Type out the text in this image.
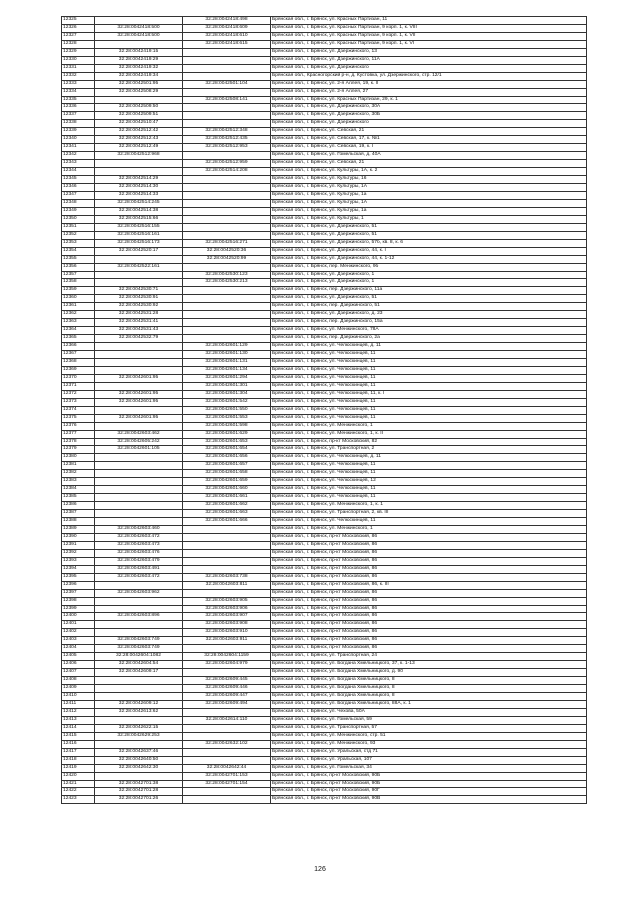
12325		32:28:0042418:498	Брянская обл., г. Брянск, ул. Красных Партизан, 11
12326	32:28:0042418:500	32:28:0042418:609	Брянская обл., г. Брянск, ул. Красных Партизан, 9 корп. 1, к. VIII
12327	32:28:0042418:500	32:28:0042418:610	Брянская обл., г. Брянск, ул. Красных Партизан, 9 корп. 1, к. VII
12328		32:28:0042418:615	Брянская обл., г. Брянск, ул. Красных Партизан, 9 корп. 1, к. VI
12329	32:28:0042419:15		Брянская обл., г. Брянск, ул. Дзержинского, 13
12330	32:28:0042419:29		Брянская обл., г. Брянск, ул. Дзержинского, 11А
12331	32:28:0042419:32		Брянская обл., г. Брянск, ул. Дзержинского
12332	32:28:0042419:34		Брянская обл., Красногорский р-н, д. Кустовка, ул. Дзержинского, стр. 12/1
12333	32:28:0042501:95	32:28:0042501:104	Брянская обл., г. Брянск, ул. 2-я Аллея, 19, к. II
12334	32:28:0042508:29		Брянская обл., г. Брянск, ул. 2-я Аллея, 27
12335		32:28:0042508:141	Брянская обл., г. Брянск, ул. Красных Партизан, 29, к. 1
12336	32:28:0042509:50		Брянская обл., г. Брянск, ул. Дзержинского, 30А
12337	32:28:0042509:51		Брянская обл., г. Брянск, ул. Дзержинского, 30Б
12338	32:28:0042510:47		Брянская обл., г. Брянск, ул. Дзержинского
12339	32:28:0042512:42	32:28:0042512:348	Брянская обл., г. Брянск, ул. Севская, 21
12340	32:28:0042512:43	32:28:0042512:435	Брянская обл., г. Брянск, ул. Севская, 17, к. №1
12341	32:28:0042512:49	32:28:0042512:953	Брянская обл., г. Брянск, ул. Севская, 19, к. I
12342	32:28:0042512:968		Брянская обл., г. Брянск, ул. Гомельская, д. 40А
12343		32:28:0042512:959	Брянская обл., г. Брянск, ул. Севская, 21
12344		32:28:0042514:208	Брянская обл., г. Брянск, ул. Культуры, 1А, к. 2
12345	32:28:0042514:29		Брянская обл., г. Брянск, ул. Культуры, 16
12346	32:28:0042514:30		Брянская обл., г. Брянск, ул. Культуры, 1А
12347	32:28:0042514:33		Брянская обл., г. Брянск, ул. Культуры, 1а
12348	32:28:0042514:245		Брянская обл., г. Брянск, ул. Культуры, 1А
12349	32:28:0042514:38		Брянская обл., г. Брянск, ул. Культуры, 1а
12350	32:28:0042515:66		Брянская обл., г. Брянск, ул. Культуры, 1
12351	32:28:0042516:155		Брянская обл., г. Брянск, ул. Дзержинского, 51
12352	32:28:0042516:161		Брянская обл., г. Брянск, ул. Дзержинского, 51
12353	32:28:0042516:173	32:28:0042516:271	Брянская обл., г. Брянск, ул. Дзержинского, 57б, кв. 8, к. 6
12354	32:28:0042520:17	32:28:0042520:36	Брянская обл., г. Брянск, ул. Дзержинского, 44, к. I
12355		32:28:0042520:99	Брянская обл., г. Брянск, ул. Дзержинского, 44, к. 1-12
12356	32:28:0042522:161		Брянская обл., г. Брянск, пер. Менжинского, 9б
12357		32:28:0042530:123	Брянская обл., г. Брянск, ул. Дзержинского, 1
12358		32:28:0042530:213	Брянская обл., г. Брянск, ул. Дзержинского, 1
12359	32:28:0042530:71		Брянская обл., г. Брянск, пер. Дзержинского, 11а
12360	32:28:0042530:91		Брянская обл., г. Брянск, ул. Дзержинского, 51
12361	32:28:0042530:92		Брянская обл., г. Брянск, пер. Дзержинского, 51
12362	32:28:0042531:28		Брянская обл., г. Брянск, ул. Дзержинского, д. 23
12363	32:28:0042531:41		Брянская обл., г. Брянск, пер. Дзержинского, 15а
12364	32:28:0042531:43		Брянская обл., г. Брянск, ул. Менжинского, 78А
12365	32:28:0042532:79		Брянская обл., г. Брянск, пер. Дзержинского, 2а
12366		32:28:0042601:129	Брянская обл., г. Брянск, ул. Челюскинцев, д. 11
12367		32:28:0042601:130	Брянская обл., г. Брянск, ул. Челюскинцев, 11
12368		32:28:0042601:131	Брянская обл., г. Брянск, ул. Челюскинцев, 11
12369		32:28:0042601:134	Брянская обл., г. Брянск, ул. Челюскинцев, 11
12370	32:28:0042601:95	32:28:0042601:294	Брянская обл., г. Брянск, ул. Челюскинцев, 11
12371		32:28:0042601:301	Брянская обл., г. Брянск, ул. Челюскинцев, 11
12372	32:28:0042601:95	32:28:0042601:304	Брянская обл., г. Брянск, ул. Челюскинцев, 11, к. I
12373	32:28:0042601:95	32:28:0042601:542	Брянская обл., г. Брянск, ул. Челюскинцев, 11
12374		32:28:0042601:550	Брянская обл., г. Брянск, ул. Челюскинцев, 11
12375	32:28:0042601:95	32:28:0042601:553	Брянская обл., г. Брянск, ул. Челюскинцев, 11
12376		32:28:0042601:598	Брянская обл., г. Брянск, ул. Менжинского, 1
12377	32:28:0042603:462	32:28:0042601:629	Брянская обл., г. Брянск, ул. Менжинского, 1, к. II
12378	32:28:0042605:242	32:28:0042601:653	Брянская обл., г. Брянск, пр-кт Московский, 82
12379	32:28:0042601:105	32:28:0042601:654	Брянская обл., г. Брянск, ул. Транспортная, 2
12380		32:28:0042601:656	Брянская обл., г. Брянск, ул. Челюскинцев, д. 11
12381		32:28:0042601:657	Брянская обл., г. Брянск, ул. Челюскинцев, 11
12382		32:28:0042601:658	Брянская обл., г. Брянск, ул. Челюскинцев, 11
12383		32:28:0042601:659	Брянская обл., г. Брянск, ул. Челюскинцев, 12
12384		32:28:0042601:660	Брянская обл., г. Брянск, ул. Челюскинцев, 11
12385		32:28:0042601:661	Брянская обл., г. Брянск, ул. Челюскинцев, 11
12386		32:28:0042601:662	Брянская обл., г. Брянск, ул. Менжинского, 1, к. 1
12387		32:28:0042601:663	Брянская обл., г. Брянск, ул. Транспортная, 2, кв. III
12388		32:28:0042601:666	Брянская обл., г. Брянск, ул. Челюскинцев, 11
12389	32:28:0042603:460		Брянская обл., г. Брянск, ул. Менжинского, 1
12390	32:28:0042603:472		Брянская обл., г. Брянск, пр-кт Московский, 86
12391	32:28:0042603:473		Брянская обл., г. Брянск, пр-кт Московский, 86
12392	32:28:0042603:476		Брянская обл., г. Брянск, пр-кт Московский, 86
12393	32:28:0042603:479		Брянская обл., г. Брянск, пр-кт Московский, 86
12394	32:28:0042603:491		Брянская обл., г. Брянск, пр-кт Московский, 86
12395	32:28:0042603:472	32:28:0042603:738	Брянская обл., г. Брянск, пр-кт Московский, 86
12396		32:28:0042603:811	Брянская обл., г. Брянск, пр-кт Московский, 86, к. III
12397	32:28:0042603:962		Брянская обл., г. Брянск, пр-кт Московский, 86
12398		32:28:0042603:905	Брянская обл., г. Брянск, пр-кт Московский, 86
12399		32:28:0042603:906	Брянская обл., г. Брянск, пр-кт Московский, 86
12400	32:28:0042603:896	32:28:0042603:907	Брянская обл., г. Брянск, пр-кт Московский, 86
12401		32:28:0042603:908	Брянская обл., г. Брянск, пр-кт Московский, 86
12402		32:28:0042603:910	Брянская обл., г. Брянск, пр-кт Московский, 86
12403	32:28:0042603:749	32:28:0042603:911	Брянская обл., г. Брянск, пр-кт Московский, 86
12404	32:28:0042603:749		Брянская обл., г. Брянск, пр-кт Московский, 86
12405	32:28:0042604:1082	32:28:0042604:1159	Брянская обл., г. Брянск, ул. Транспортная, 24
12406	32:28:0042604:54	32:28:0042604:979	Брянская обл., г. Брянск, ул. Богдана Хмельницкого, 37, к. 1-13
12407	32:28:0042609:17		Брянская обл., г. Брянск, ул. Богдана Хмельницкого, д. 90
12408		32:28:0042609:445	Брянская обл., г. Брянск, ул. Богдана Хмельницкого, 8
12409		32:28:0042609:446	Брянская обл., г. Брянск, ул. Богдана Хмельницкого, 8
12410		32:28:0042609:447	Брянская обл., г. Брянск, ул. Богдана Хмельницкого, 8
12411	32:28:0042609:12	32:28:0042609:494	Брянская обл., г. Брянск, ул. Богдана Хмельницкого, 88А, к. 1
12412	32:28:0042613:62		Брянская обл., г. Брянск, ул. Чехова, 50А
12413		32:28:0042614:110	Брянская обл., г. Брянск, ул. Гомельская, 59
12414	32:28:0042622:15		Брянская обл., г. Брянск, ул. Транспортная, 57
12415	32:28:0042629:253		Брянская обл., г. Брянск, ул. Менжинского, стр. 51
12416		32:28:0042632:102	Брянская обл., г. Брянск, ул. Менжинского, 93
12417	32:28:0042637:46		Брянская обл., г. Брянск, ул. Уральская, стд 71
12418	32:28:0042640:50		Брянская обл., г. Брянск, ул. Уральская, 107
12419	32:28:0042642:30	32:28:0042642:44	Брянская обл., г. Брянск, ул. Гомельская, 34
12420		32:28:0042701:153	Брянская обл., г. Брянск, пр-кт Московский, 90Б
12421	32:28:0042701:38	32:28:0042701:154	Брянская обл., г. Брянск, пр-кт Московский, 90Б
12422	32:28:0042701:28		Брянская обл., г. Брянск, пр-кт Московский, 90Г
12423	32:28:0042701:26		Брянская обл., г. Брянск, пр-кт Московский, 90В
126
